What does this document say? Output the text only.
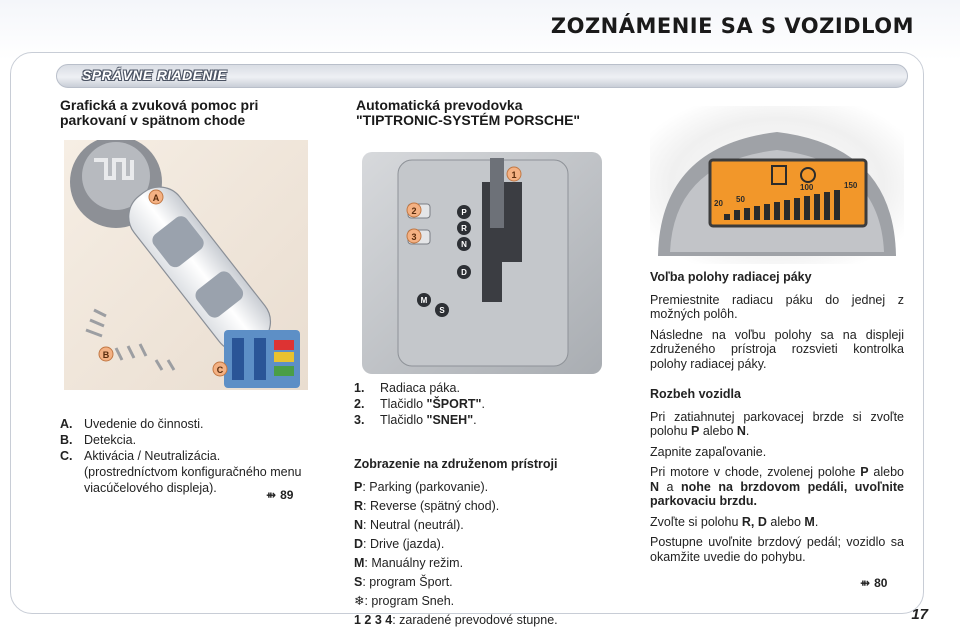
ZOZNÁMENIE SA S VOZIDLOM
SPRÁVNE RIADENIE
Grafická a zvuková pomoc pri parkovaní v spätnom chode
A
B
C
A. Uvedenie do činnosti.
B. Detekcia.
C. Aktivácia / Neutralizácia.
(prostredníctvom konfiguračného menu viacúčelového displeja).	⇻ 89
Automatická prevodovka "TIPTRONIC-SYSTÉM PORSCHE"
P
R
N
D
M
S
1
2
3
1.	Radiaca páka.
2.	Tlačidlo "ŠPORT" .
3.	Tlačidlo "SNEH" .
Zobrazenie na združenom prístroji

P: Parking (parkovanie).

R: Reverse (spätný chod).

N: Neutral (neutrál).

D: Drive (jazda).

M: Manuálny režim.

S: program Šport.

❄: program Sneh.

1 2 3 4: zaradené prevodové stupne.

20 50
100	150
Voľba polohy radiacej páky

Premiestnite radiacu páku do jednej z možných polôh.

Následne na voľbu polohy sa na displeji združeného prístroja rozsvieti kontrolka polohy radiacej páky.

Rozbeh vozidla

Pri zatiahnutej parkovacej brzde si zvoľte polohu P alebo N.

Zapnite zapaľovanie.

Pri motore v chode, zvolenej polohe P alebo N a nohe na brzdovom pedáli, uvoľnite parkovaciu brzdu.

Zvoľte si polohu R, D alebo M.

Postupne uvoľnite brzdový pedál; vozidlo sa okamžite uvedie do pohybu.

⇻ 80
17
